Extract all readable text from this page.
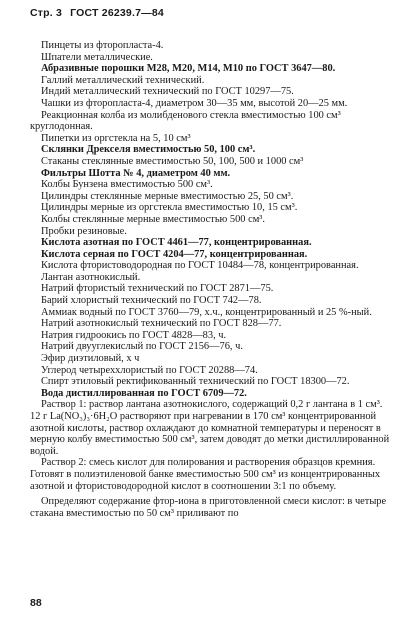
Стр. 3 ГОСТ 26239.7—84

Пинцеты из фторопласта-4.

Шпатели металлические.

Абразивные порошки М28, М20, М14, М10 по ГОСТ 3647—80.

Галлий металлический технический.

Индий металлический технический по ГОСТ 10297—75.

Чашки из фторопласта-4, диаметром 30—35 мм, высотой 20—25 мм.

Реакционная колба из молибденового стекла вместимостью 100 см³ круглодонная.

Пипетки из оргстекла на 5, 10 см³

Склянки Дрекселя вместимостью 50, 100 см³.

Стаканы стеклянные вместимостью 50, 100, 500 и 1000 см³

Фильтры Шотта № 4, диаметром 40 мм.

Колбы Бунзена вместимостью 500 см³.

Цилиндры стеклянные мерные вместимостью 25, 50 см³.

Цилиндры мерные из оргстекла вместимостью 10, 15 см³.

Колбы стеклянные мерные вместимостью 500 см³.

Пробки резиновые.

Кислота азотная по ГОСТ 4461—77, концентрированная.

Кислота серная по ГОСТ 4204—77, концентрированная.

Кислота фтористоводородная по ГОСТ 10484—78, концентрированная.

Лантан азотнокислый.

Натрий фтористый технический по ГОСТ 2871—75.

Барий хлористый технический по ГОСТ 742—78.

Аммиак водный по ГОСТ 3760—79, х.ч., концентрированный и 25 %-ный.

Натрий азотнокислый технический по ГОСТ 828—77.

Натрия гидроокись по ГОСТ 4828—83, ч.

Натрий двууглекислый по ГОСТ 2156—76, ч.

Эфир диэтиловый, х ч

Углерод четыреххлористый по ГОСТ 20288—74.

Спирт этиловый ректификованный технический по ГОСТ 18300—72.

Вода дистиллированная по ГОСТ 6709—72.

Раствор 1: раствор лантана азотнокислого, содержащий 0,2 г лантана в 1 см³. 12 г La(NO₃)₃·6H₂O растворяют при нагревании в 170 см³ концентрированной азотной кислоты, раствор охлаждают до комнатной температуры и переносят в мерную колбу вместимостью 500 см³, затем доводят до метки дистиллированной водой.

Раствор 2: смесь кислот для полирования и растворения образцов кремния. Готовят в полиэтиленовой банке вместимостью 500 см³ из концентрированных азотной и фтористоводородной кислот в соотношении 3:1 по объему.

Определяют содержание фтор-иона в приготовленной смеси кислот: в четыре стакана вместимостью по 50 см³ приливают по

88
